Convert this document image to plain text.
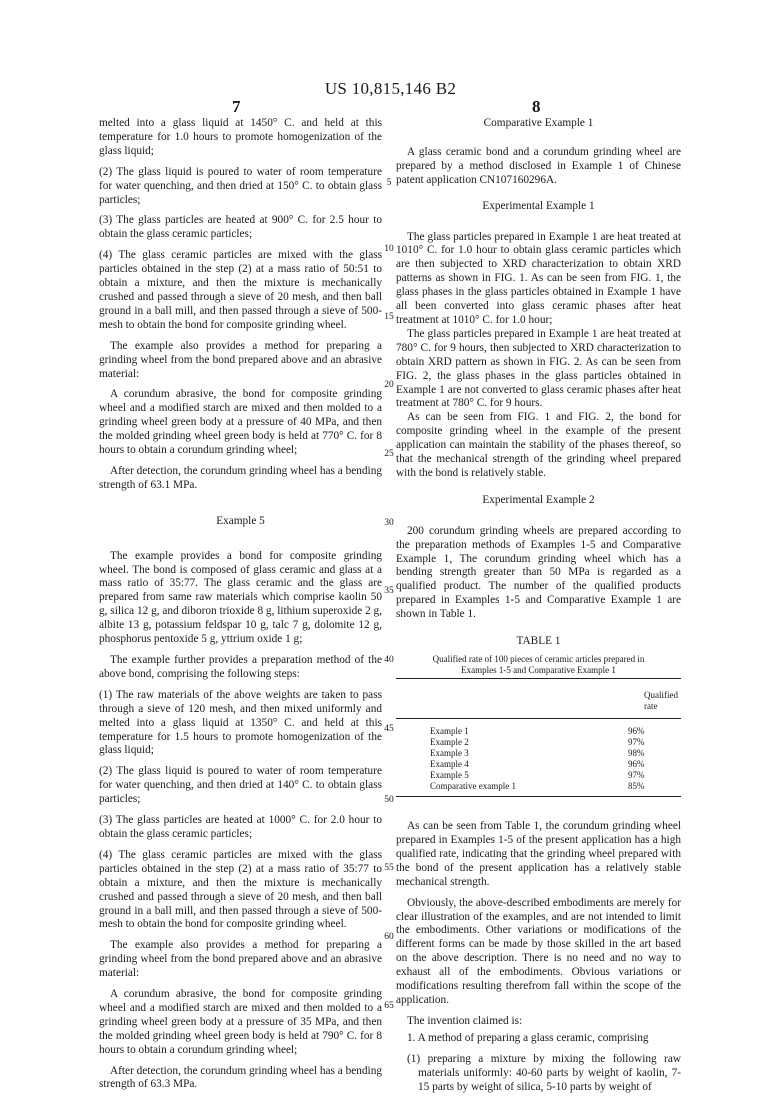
US 10,815,146 B2
7	8
5
10
15
20
25
30
35
40
45
50
55
60
65

melted into a glass liquid at 1450° C. and held at this temperature for 1.0 hours to promote homogenization of the glass liquid;

(2) The glass liquid is poured to water of room temperature for water quenching, and then dried at 150° C. to obtain glass particles;

(3) The glass particles are heated at 900° C. for 2.5 hour to obtain the glass ceramic particles;

(4) The glass ceramic particles are mixed with the glass particles obtained in the step (2) at a mass ratio of 50:51 to obtain a mixture, and then the mixture is mechanically crushed and passed through a sieve of 20 mesh, and then ball ground in a ball mill, and then passed through a sieve of 500-mesh to obtain the bond for composite grinding wheel.

The example also provides a method for preparing a grinding wheel from the bond prepared above and an abrasive material:

A corundum abrasive, the bond for composite grinding wheel and a modified starch are mixed and then molded to a grinding wheel green body at a pressure of 40 MPa, and then the molded grinding wheel green body is held at 770° C. for 8 hours to obtain a corundum grinding wheel;

After detection, the corundum grinding wheel has a bending strength of 63.1 MPa.

Example 5

The example provides a bond for composite grinding wheel. The bond is composed of glass ceramic and glass at a mass ratio of 35:77. The glass ceramic and the glass are prepared from same raw materials which comprise kaolin 50 g, silica 12 g, and diboron trioxide 8 g, lithium superoxide 2 g, albite 13 g, potassium feldspar 10 g, talc 7 g, dolomite 12 g, phosphorus pentoxide 5 g, yttrium oxide 1 g;

The example further provides a preparation method of the above bond, comprising the following steps:

(1) The raw materials of the above weights are taken to pass through a sieve of 120 mesh, and then mixed uniformly and melted into a glass liquid at 1350° C. and held at this temperature for 1.5 hours to promote homogenization of the glass liquid;

(2) The glass liquid is poured to water of room temperature for water quenching, and then dried at 140° C. to obtain glass particles;

(3) The glass particles are heated at 1000° C. for 2.0 hour to obtain the glass ceramic particles;

(4) The glass ceramic particles are mixed with the glass particles obtained in the step (2) at a mass ratio of 35:77 to obtain a mixture, and then the mixture is mechanically crushed and passed through a sieve of 20 mesh, and then ball ground in a ball mill, and then passed through a sieve of 500-mesh to obtain the bond for composite grinding wheel.

The example also provides a method for preparing a grinding wheel from the bond prepared above and an abrasive material:

A corundum abrasive, the bond for composite grinding wheel and a modified starch are mixed and then molded to a grinding wheel green body at a pressure of 35 MPa, and then the molded grinding wheel green body is held at 790° C. for 8 hours to obtain a corundum grinding wheel;

After detection, the corundum grinding wheel has a bending strength of 63.3 MPa.

Comparative Example 1

A glass ceramic bond and a corundum grinding wheel are prepared by a method disclosed in Example 1 of Chinese patent application CN107160296A.

Experimental Example 1

The glass particles prepared in Example 1 are heat treated at 1010° C. for 1.0 hour to obtain glass ceramic particles which are then subjected to XRD characterization to obtain XRD patterns as shown in FIG. 1. As can be seen from FIG. 1, the glass phases in the glass particles obtained in Example 1 have all been converted into glass ceramic phases after heat treatment at 1010° C. for 1.0 hour;

The glass particles prepared in Example 1 are heat treated at 780° C. for 9 hours, then subjected to XRD characterization to obtain XRD pattern as shown in FIG. 2. As can be seen from FIG. 2, the glass phases in the glass particles obtained in Example 1 are not converted to glass ceramic phases after heat treatment at 780° C. for 9 hours.

As can be seen from FIG. 1 and FIG. 2, the bond for composite grinding wheel in the example of the present application can maintain the stability of the phases thereof, so that the mechanical strength of the grinding wheel prepared with the bond is relatively stable.

Experimental Example 2

200 corundum grinding wheels are prepared according to the preparation methods of Examples 1-5 and Comparative Example 1, The corundum grinding wheel which has a bending strength greater than 50 MPa is regarded as a qualified product. The number of the qualified products prepared in Examples 1-5 and Comparative Example 1 are shown in Table 1.

TABLE 1
Qualified rate of 100 pieces of ceramic articles prepared in Examples 1-5 and Comparative Example 1
Qualified rate
Example 1	96%
Example 2	97%
Example 3	98%
Example 4	96%
Example 5	97%
Comparative example 1	85%

As can be seen from Table 1, the corundum grinding wheel prepared in Examples 1-5 of the present application has a high qualified rate, indicating that the grinding wheel prepared with the bond of the present application has a relatively stable mechanical strength.

Obviously, the above-described embodiments are merely for clear illustration of the examples, and are not intended to limit the embodiments. Other variations or modifications of the different forms can be made by those skilled in the art based on the above description. There is no need and no way to exhaust all of the embodiments. Obvious variations or modifications resulting therefrom fall within the scope of the application.

The invention claimed is:

1. A method of preparing a glass ceramic, comprising

(1) preparing a mixture by mixing the following raw materials uniformly: 40-60 parts by weight of kaolin, 7-15 parts by weight of silica, 5-10 parts by weight of
